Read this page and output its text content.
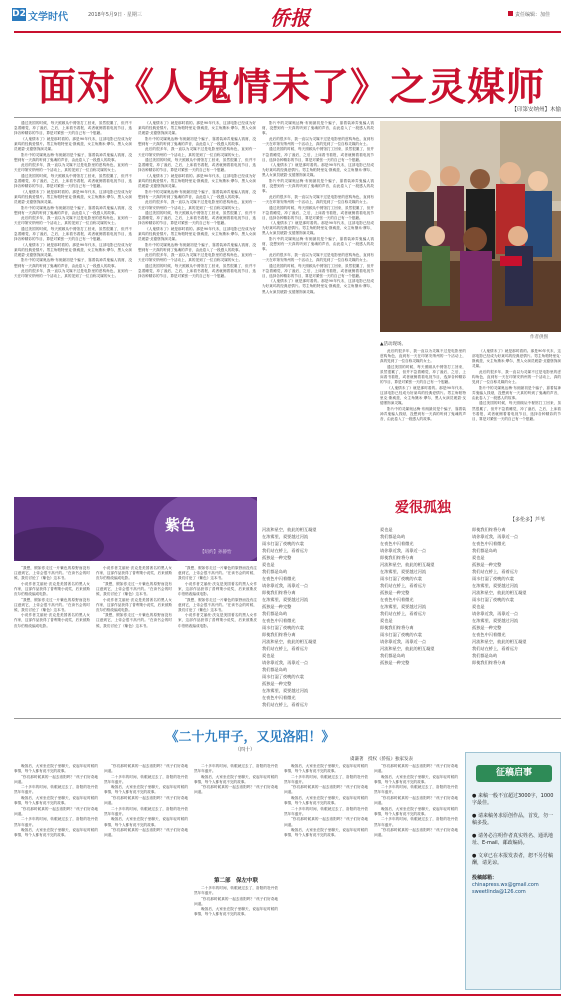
D2 文学时代	2018年5月9日 · 星期三	侨报	责任编辑：加佳
面对《人鬼情未了》之灵媒师
【印第安纳州】木愉

通过美国的时候，每天照顾从中餐馆打工回来，虽然很累了，但并不急着睡觉，冲了澡后，之后，上床看书看报，或者就侧着看电视节目，选择各种精彩的节目，算是对紧张一天的自己有一个慰藉。

《人鬼情未了》就是那时看的。那是90年代末，这部电影已经成为好莱坞的经典爱情片。男主角帕特里克·斯威兹，女主角黛米·摩尔，黑人女演员琥碧·戈德堡饰演灵媒。

影片中的灵媒奥达梅·布朗最初是个骗子，靠着装神弄鬼骗人钱财，没想到有一天真的听到了鬼魂的声音，由此卷入了一段感人的故事。

此后的很多年，我一直以为灵媒不过是电影里的虚构角色，直到有一天在印第安纳州的一个活动上，真的见到了一位自称灵媒的女士。

通过美国的时候，每天照顾从中餐馆打工回来，虽然很累了，但并不急着睡觉，冲了澡后，之后，上床看书看报，或者就侧着看电视节目，选择各种精彩的节目，算是对紧张一天的自己有一个慰藉。

《人鬼情未了》就是那时看的。那是90年代末，这部电影已经成为好莱坞的经典爱情片。男主角帕特里克·斯威兹，女主角黛米·摩尔，黑人女演员琥碧·戈德堡饰演灵媒。

影片中的灵媒奥达梅·布朗最初是个骗子，靠着装神弄鬼骗人钱财，没想到有一天真的听到了鬼魂的声音，由此卷入了一段感人的故事。

此后的很多年，我一直以为灵媒不过是电影里的虚构角色，直到有一天在印第安纳州的一个活动上，真的见到了一位自称灵媒的女士。

通过美国的时候，每天照顾从中餐馆打工回来，虽然很累了，但并不急着睡觉，冲了澡后，之后，上床看书看报，或者就侧着看电视节目，选择各种精彩的节目，算是对紧张一天的自己有一个慰藉。

《人鬼情未了》就是那时看的。那是90年代末，这部电影已经成为好莱坞的经典爱情片。男主角帕特里克·斯威兹，女主角黛米·摩尔，黑人女演员琥碧·戈德堡饰演灵媒。

影片中的灵媒奥达梅·布朗最初是个骗子，靠着装神弄鬼骗人钱财，没想到有一天真的听到了鬼魂的声音，由此卷入了一段感人的故事。

此后的很多年，我一直以为灵媒不过是电影里的虚构角色，直到有一天在印第安纳州的一个活动上，真的见到了一位自称灵媒的女士。

《人鬼情未了》就是那时看的。那是90年代末，这部电影已经成为好莱坞的经典爱情片。男主角帕特里克·斯威兹，女主角黛米·摩尔，黑人女演员琥碧·戈德堡饰演灵媒。

影片中的灵媒奥达梅·布朗最初是个骗子，靠着装神弄鬼骗人钱财，没想到有一天真的听到了鬼魂的声音，由此卷入了一段感人的故事。

此后的很多年，我一直以为灵媒不过是电影里的虚构角色，直到有一天在印第安纳州的一个活动上，真的见到了一位自称灵媒的女士。

通过美国的时候，每天照顾从中餐馆打工回来，虽然很累了，但并不急着睡觉，冲了澡后，之后，上床看书看报，或者就侧着看电视节目，选择各种精彩的节目，算是对紧张一天的自己有一个慰藉。

《人鬼情未了》就是那时看的。那是90年代末，这部电影已经成为好莱坞的经典爱情片。男主角帕特里克·斯威兹，女主角黛米·摩尔，黑人女演员琥碧·戈德堡饰演灵媒。

影片中的灵媒奥达梅·布朗最初是个骗子，靠着装神弄鬼骗人钱财，没想到有一天真的听到了鬼魂的声音，由此卷入了一段感人的故事。

此后的很多年，我一直以为灵媒不过是电影里的虚构角色，直到有一天在印第安纳州的一个活动上，真的见到了一位自称灵媒的女士。

通过美国的时候，每天照顾从中餐馆打工回来，虽然很累了，但并不急着睡觉，冲了澡后，之后，上床看书看报，或者就侧着看电视节目，选择各种精彩的节目，算是对紧张一天的自己有一个慰藉。

《人鬼情未了》就是那时看的。那是90年代末，这部电影已经成为好莱坞的经典爱情片。男主角帕特里克·斯威兹，女主角黛米·摩尔，黑人女演员琥碧·戈德堡饰演灵媒。

影片中的灵媒奥达梅·布朗最初是个骗子，靠着装神弄鬼骗人钱财，没想到有一天真的听到了鬼魂的声音，由此卷入了一段感人的故事。

此后的很多年，我一直以为灵媒不过是电影里的虚构角色，直到有一天在印第安纳州的一个活动上，真的见到了一位自称灵媒的女士。

通过美国的时候，每天照顾从中餐馆打工回来，虽然很累了，但并不急着睡觉，冲了澡后，之后，上床看书看报，或者就侧着看电视节目，选择各种精彩的节目，算是对紧张一天的自己有一个慰藉。

影片中的灵媒奥达梅·布朗最初是个骗子，靠着装神弄鬼骗人钱财，没想到有一天真的听到了鬼魂的声音，由此卷入了一段感人的故事。

此后的很多年，我一直以为灵媒不过是电影里的虚构角色，直到有一天在印第安纳州的一个活动上，真的见到了一位自称灵媒的女士。

通过美国的时候，每天照顾从中餐馆打工回来，虽然很累了，但并不急着睡觉，冲了澡后，之后，上床看书看报，或者就侧着看电视节目，选择各种精彩的节目，算是对紧张一天的自己有一个慰藉。

《人鬼情未了》就是那时看的。那是90年代末，这部电影已经成为好莱坞的经典爱情片。男主角帕特里克·斯威兹，女主角黛米·摩尔，黑人女演员琥碧·戈德堡饰演灵媒。

影片中的灵媒奥达梅·布朗最初是个骗子，靠着装神弄鬼骗人钱财，没想到有一天真的听到了鬼魂的声音，由此卷入了一段感人的故事。

此后的很多年，我一直以为灵媒不过是电影里的虚构角色，直到有一天在印第安纳州的一个活动上，真的见到了一位自称灵媒的女士。

通过美国的时候，每天照顾从中餐馆打工回来，虽然很累了，但并不急着睡觉，冲了澡后，之后，上床看书看报，或者就侧着看电视节目，选择各种精彩的节目，算是对紧张一天的自己有一个慰藉。

《人鬼情未了》就是那时看的。那是90年代末，这部电影已经成为好莱坞的经典爱情片。男主角帕特里克·斯威兹，女主角黛米·摩尔，黑人女演员琥碧·戈德堡饰演灵媒。

影片中的灵媒奥达梅·布朗最初是个骗子，靠着装神弄鬼骗人钱财，没想到有一天真的听到了鬼魂的声音，由此卷入了一段感人的故事。

此后的很多年，我一直以为灵媒不过是电影里的虚构角色，直到有一天在印第安纳州的一个活动上，真的见到了一位自称灵媒的女士。

通过美国的时候，每天照顾从中餐馆打工回来，虽然很累了，但并不急着睡觉，冲了澡后，之后，上床看书看报，或者就侧着看电视节目，选择各种精彩的节目，算是对紧张一天的自己有一个慰藉。

《人鬼情未了》就是那时看的。那是90年代末，这部电影已经成为好莱坞的经典爱情片。男主角帕特里克·斯威兹，女主角黛米·摩尔，黑人女演员琥碧·戈德堡饰演灵媒。

作者供图
▲活动现场。

此后的很多年，我一直以为灵媒不过是电影里的虚构角色，直到有一天在印第安纳州的一个活动上，真的见到了一位自称灵媒的女士。

通过美国的时候，每天照顾从中餐馆打工回来，虽然很累了，但并不急着睡觉，冲了澡后，之后，上床看书看报，或者就侧着看电视节目，选择各种精彩的节目，算是对紧张一天的自己有一个慰藉。

《人鬼情未了》就是那时看的。那是90年代末，这部电影已经成为好莱坞的经典爱情片。男主角帕特里克·斯威兹，女主角黛米·摩尔，黑人女演员琥碧·戈德堡饰演灵媒。

影片中的灵媒奥达梅·布朗最初是个骗子，靠着装神弄鬼骗人钱财，没想到有一天真的听到了鬼魂的声音，由此卷入了一段感人的故事。

《人鬼情未了》就是那时看的。那是90年代末，这部电影已经成为好莱坞的经典爱情片。男主角帕特里克·斯威兹，女主角黛米·摩尔，黑人女演员琥碧·戈德堡饰演灵媒。

此后的很多年，我一直以为灵媒不过是电影里的虚构角色，直到有一天在印第安纳州的一个活动上，真的见到了一位自称灵媒的女士。

影片中的灵媒奥达梅·布朗最初是个骗子，靠着装神弄鬼骗人钱财，没想到有一天真的听到了鬼魂的声音，由此卷入了一段感人的故事。

通过美国的时候，每天照顾从中餐馆打工回来，虽然很累了，但并不急着睡觉，冲了澡后，之后，上床看书看报，或者就侧着看电视节目，选择各种精彩的节目，算是对紧张一天的自己有一个慰藉。

爱很孤独
【多伦多】芦苇
河流和星空，彼此的相互凝望
在浓雾里，爱要越过河流
雨水打湿了夜晚的衣裳
我们站在桥上，看着远方
孤独是一种完整
爱也是
我们都是岛屿
在夜色中闪着微光
请你靠近我，再靠近一点
即使我们终将分离
在浓雾里，爱要越过河流
孤独是一种完整
我们都是岛屿
在夜色中闪着微光
雨水打湿了夜晚的衣裳
即使我们终将分离
河流和星空，彼此的相互凝望
我们站在桥上，看着远方
爱也是
请你靠近我，再靠近一点
我们都是岛屿
雨水打湿了夜晚的衣裳
孤独是一种完整
在浓雾里，爱要越过河流
在夜色中闪着微光
我们站在桥上，看着远方
爱也是
我们都是岛屿
在夜色中闪着微光
请你靠近我，再靠近一点
即使我们终将分离
河流和星空，彼此的相互凝望
在浓雾里，爱要越过河流
雨水打湿了夜晚的衣裳
我们站在桥上，看着远方
孤独是一种完整
在夜色中闪着微光
在浓雾里，爱要越过河流
我们站在桥上，看着远方
爱也是
即使我们终将分离
雨水打湿了夜晚的衣裳
请你靠近我，再靠近一点
河流和星空，彼此的相互凝望
我们都是岛屿
孤独是一种完整
即使我们终将分离
请你靠近我，再靠近一点
在夜色中闪着微光
我们都是岛屿
爱也是
孤独是一种完整
我们站在桥上，看着远方
雨水打湿了夜晚的衣裳
在浓雾里，爱要越过河流
河流和星空，彼此的相互凝望
雨水打湿了夜晚的衣裳
爱也是
请你靠近我，再靠近一点
在浓雾里，爱要越过河流
孤独是一种完整
在夜色中闪着微光
河流和星空，彼此的相互凝望
我们站在桥上，看着远方
我们都是岛屿
即使我们终将分离
紫色
【纽约】孙静怡

“我想，假如你走过一片紫色的原野而没有注意到它，上帝会很不高兴的。”在读书会的时候，我们讨论了《紫色》这本书。

小说作者艾丽丝·沃克是美国著名的黑人女作家，这部作品获得了普利策小说奖，后来被斯皮尔伯格改编成电影。

“我想，假如你走过一片紫色的原野而没有注意到它，上帝会很不高兴的。”在读书会的时候，我们讨论了《紫色》这本书。

小说作者艾丽丝·沃克是美国著名的黑人女作家，这部作品获得了普利策小说奖，后来被斯皮尔伯格改编成电影。

小说作者艾丽丝·沃克是美国著名的黑人女作家，这部作品获得了普利策小说奖，后来被斯皮尔伯格改编成电影。

“我想，假如你走过一片紫色的原野而没有注意到它，上帝会很不高兴的。”在读书会的时候，我们讨论了《紫色》这本书。

小说作者艾丽丝·沃克是美国著名的黑人女作家，这部作品获得了普利策小说奖，后来被斯皮尔伯格改编成电影。

“我想，假如你走过一片紫色的原野而没有注意到它，上帝会很不高兴的。”在读书会的时候，我们讨论了《紫色》这本书。

“我想，假如你走过一片紫色的原野而没有注意到它，上帝会很不高兴的。”在读书会的时候，我们讨论了《紫色》这本书。

小说作者艾丽丝·沃克是美国著名的黑人女作家，这部作品获得了普利策小说奖，后来被斯皮尔伯格改编成电影。

“我想，假如你走过一片紫色的原野而没有注意到它，上帝会很不高兴的。”在读书会的时候，我们讨论了《紫色》这本书。

小说作者艾丽丝·沃克是美国著名的黑人女作家，这部作品获得了普利策小说奖，后来被斯皮尔伯格改编成电影。

《二十九甲子，又见洛阳！》
（四十）
虞谦著　授权《侨报》独家发表

晚饭后，大家坐在院子里聊天，说起年轻时候的事情，每个人都有说不完的故事。

“你们那时候真的一起去洛阳吗？”孩子们好奇地问道。

二十多年的时间，转眼就过去了，洛阳的牡丹依然年年盛开。

晚饭后，大家坐在院子里聊天，说起年轻时候的事情，每个人都有说不完的故事。

“你们那时候真的一起去洛阳吗？”孩子们好奇地问道。

二十多年的时间，转眼就过去了，洛阳的牡丹依然年年盛开。

晚饭后，大家坐在院子里聊天，说起年轻时候的事情，每个人都有说不完的故事。

“你们那时候真的一起去洛阳吗？”孩子们好奇地问道。

二十多年的时间，转眼就过去了，洛阳的牡丹依然年年盛开。

晚饭后，大家坐在院子里聊天，说起年轻时候的事情，每个人都有说不完的故事。

“你们那时候真的一起去洛阳吗？”孩子们好奇地问道。

二十多年的时间，转眼就过去了，洛阳的牡丹依然年年盛开。

晚饭后，大家坐在院子里聊天，说起年轻时候的事情，每个人都有说不完的故事。

“你们那时候真的一起去洛阳吗？”孩子们好奇地问道。

第二部　保左中联

二十多年的时间，转眼就过去了，洛阳的牡丹依然年年盛开。

晚饭后，大家坐在院子里聊天，说起年轻时候的事情，每个人都有说不完的故事。

“你们那时候真的一起去洛阳吗？”孩子们好奇地问道。

二十多年的时间，转眼就过去了，洛阳的牡丹依然年年盛开。

“你们那时候真的一起去洛阳吗？”孩子们好奇地问道。

晚饭后，大家坐在院子里聊天，说起年轻时候的事情，每个人都有说不完的故事。

晚饭后，大家坐在院子里聊天，说起年轻时候的事情，每个人都有说不完的故事。

二十多年的时间，转眼就过去了，洛阳的牡丹依然年年盛开。

“你们那时候真的一起去洛阳吗？”孩子们好奇地问道。

晚饭后，大家坐在院子里聊天，说起年轻时候的事情，每个人都有说不完的故事。

二十多年的时间，转眼就过去了，洛阳的牡丹依然年年盛开。

“你们那时候真的一起去洛阳吗？”孩子们好奇地问道。

晚饭后，大家坐在院子里聊天，说起年轻时候的事情，每个人都有说不完的故事。

“你们那时候真的一起去洛阳吗？”孩子们好奇地问道。

晚饭后，大家坐在院子里聊天，说起年轻时候的事情，每个人都有说不完的故事。

二十多年的时间，转眼就过去了，洛阳的牡丹依然年年盛开。

“你们那时候真的一起去洛阳吗？”孩子们好奇地问道。

晚饭后，大家坐在院子里聊天，说起年轻时候的事情，每个人都有说不完的故事。

二十多年的时间，转眼就过去了，洛阳的牡丹依然年年盛开。

“你们那时候真的一起去洛阳吗？”孩子们好奇地问道。

征稿启事
● 来稿一般不宜超过3000字，1000字最佳。
● 请来稿务求原创作品，首发，勿一稿多投。
● 请务必注明作者真实姓名、通讯地址、E-mail、邮政编码。
● 文章已在本报发表者，恕不另付稿酬，请见谅。
投稿邮箱：
chinapress.wx@gmail.com
sweetlinda@126.com
